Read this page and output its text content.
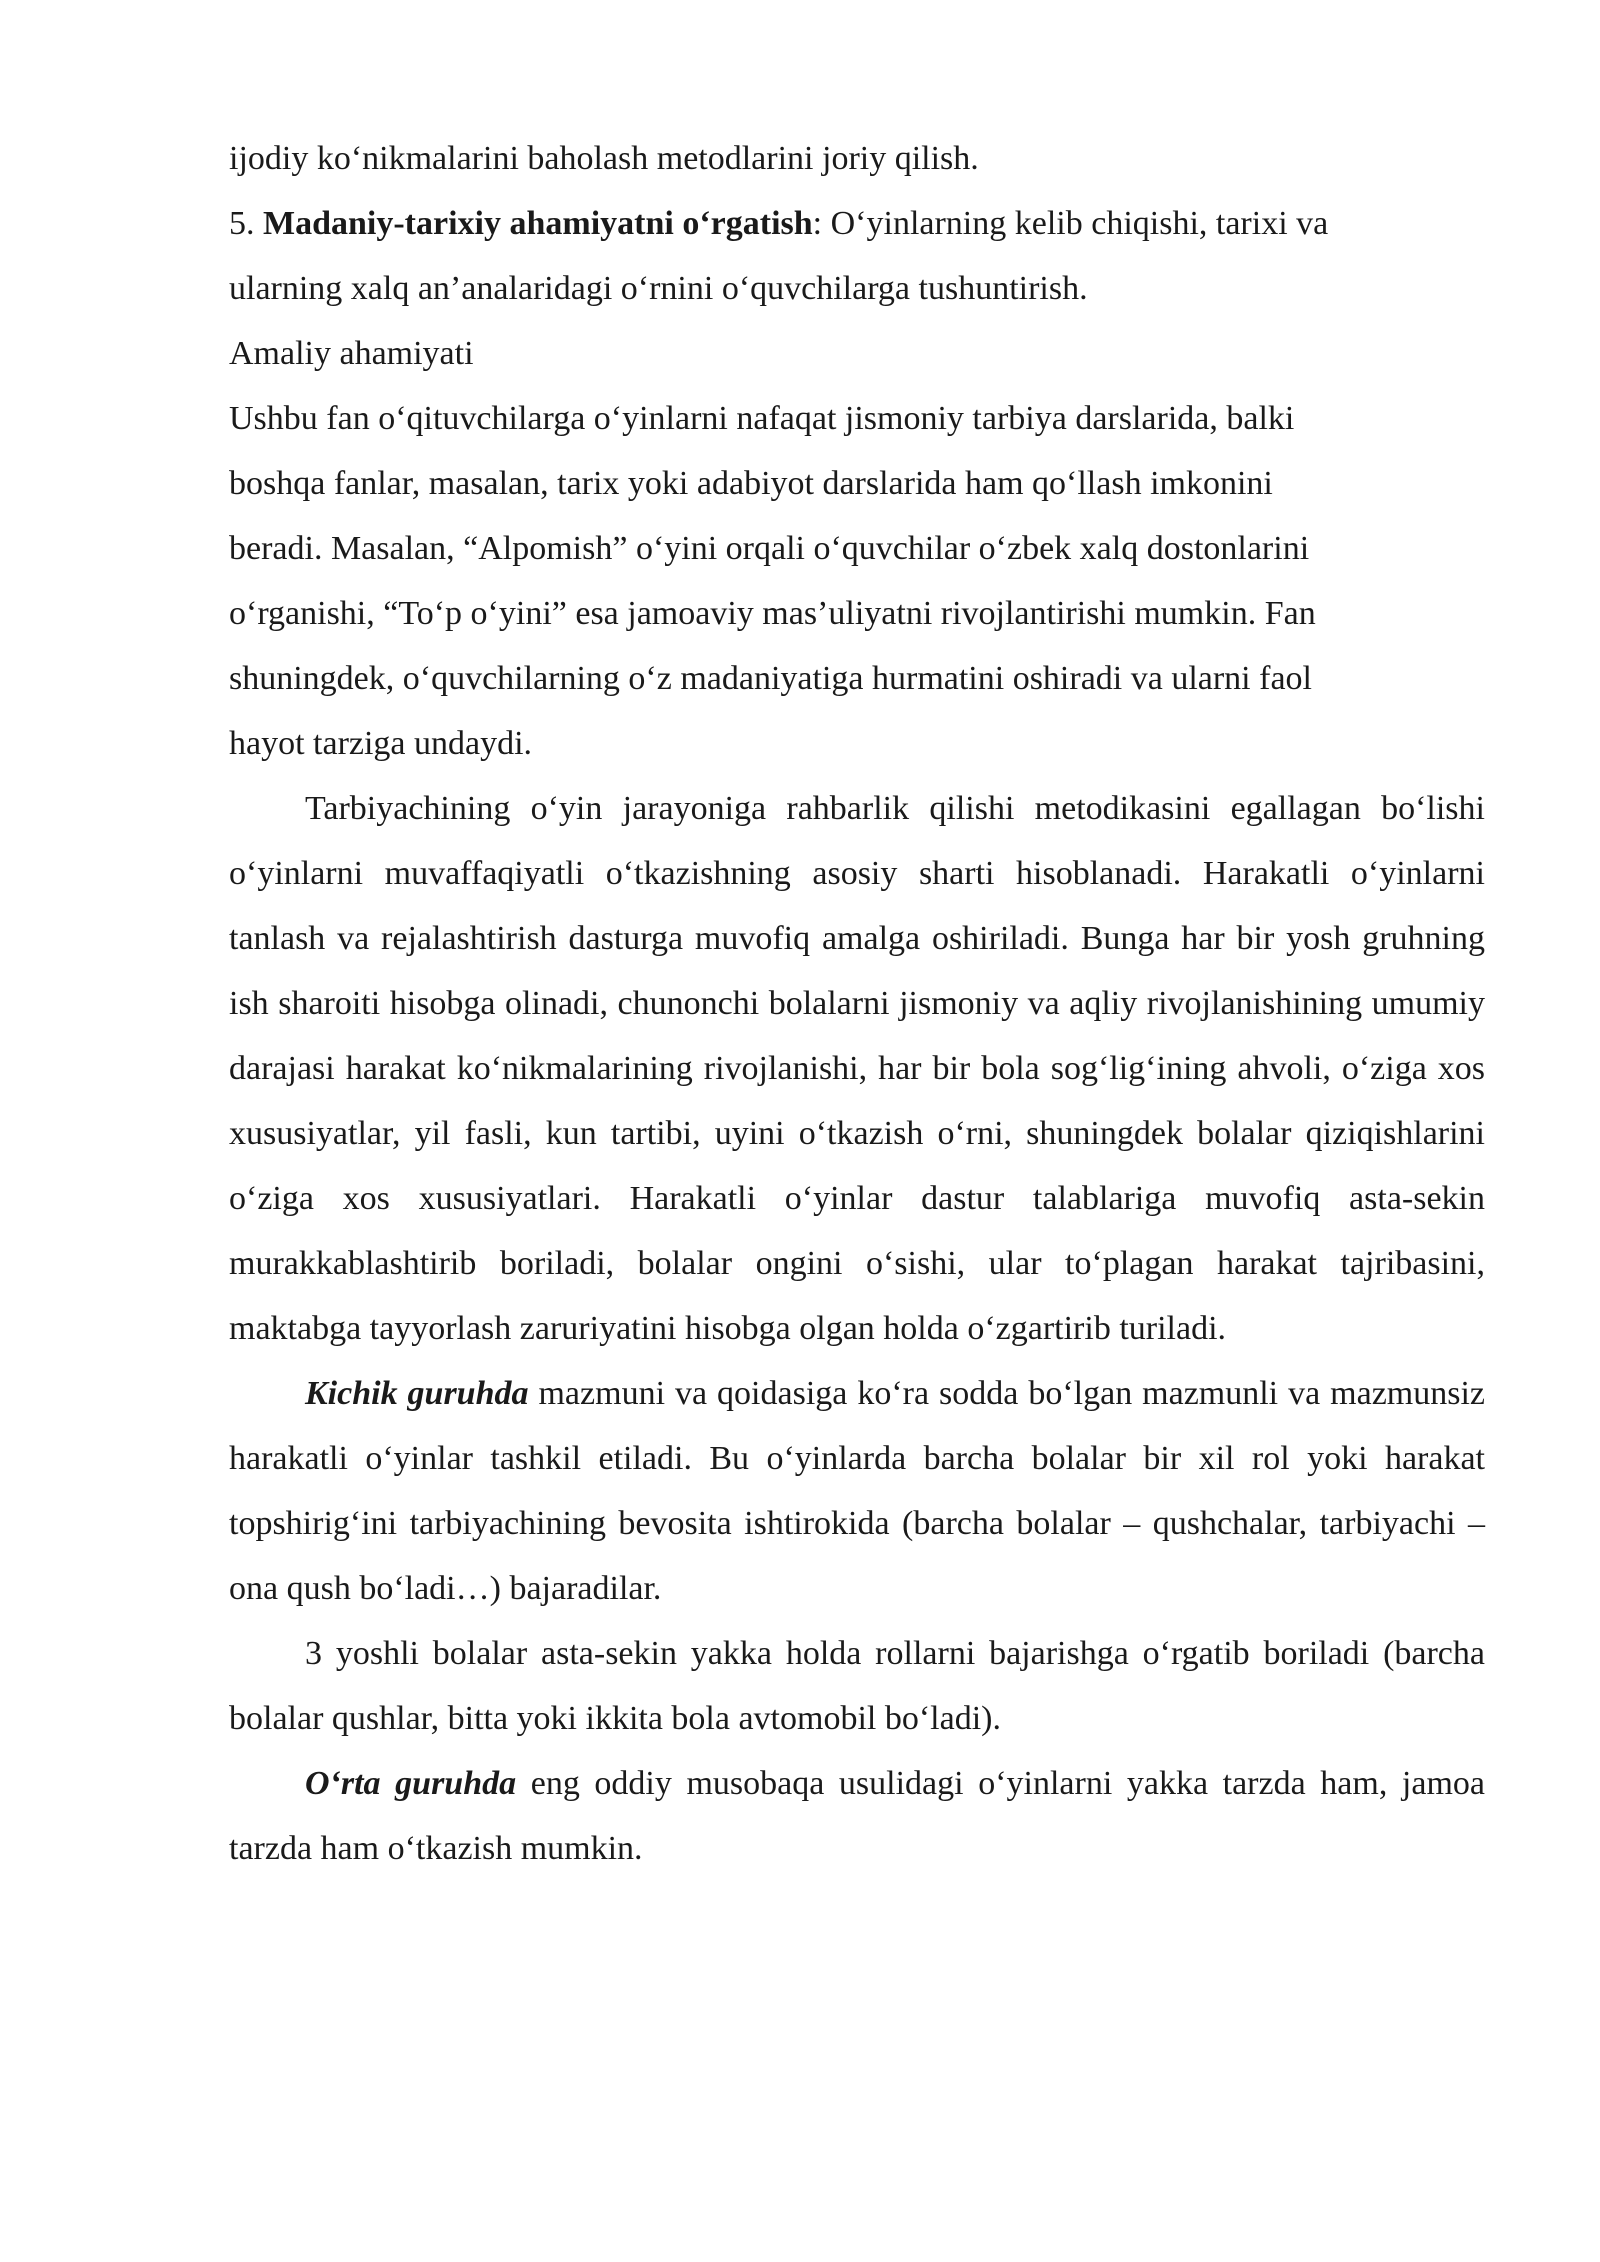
ijodiy ko‘nikmalarini baholash metodlarini joriy qilish.
5. Madaniy-tarixiy ahamiyatni o‘rgatish: O‘yinlarning kelib chiqishi, tarixi va
ularning xalq an’analaridagi o‘rnini o‘quvchilarga tushuntirish.
Amaliy ahamiyati
Ushbu fan o‘qituvchilarga o‘yinlarni nafaqat jismoniy tarbiya darslarida, balki
boshqa fanlar, masalan, tarix yoki adabiyot darslarida ham qo‘llash imkonini
beradi. Masalan, “Alpomish” o‘yini orqali o‘quvchilar o‘zbek xalq dostonlarini
o‘rganishi, “To‘p o‘yini” esa jamoaviy mas’uliyatni rivojlantirishi mumkin. Fan
shuningdek, o‘quvchilarning o‘z madaniyatiga hurmatini oshiradi va ularni faol
hayot tarziga undaydi.

Tarbiyachining o‘yin jarayoniga rahbarlik qilishi metodikasini egallagan bo‘lishi o‘yinlarni muvaffaqiyatli o‘tkazishning asosiy sharti hisoblanadi. Harakatli o‘yinlarni tanlash va rejalashtirish dasturga muvofiq amalga oshiriladi. Bunga har bir yosh gruhning ish sharoiti hisobga olinadi, chunonchi bolalarni jismoniy va aqliy rivojlanishining umumiy darajasi harakat ko‘nikmalarining rivojlanishi, har bir bola sog‘lig‘ining ahvoli, o‘ziga xos xususiyatlar, yil fasli, kun tartibi, uyini o‘tkazish o‘rni, shuningdek bolalar qiziqishlarini o‘ziga xos xususiyatlari. Harakatli o‘yinlar dastur talablariga muvofiq asta-sekin murakkablashtirib boriladi, bolalar ongini o‘sishi, ular to‘plagan harakat tajribasini, maktabga tayyorlash zaruriyatini hisobga olgan holda o‘zgartirib turiladi.

Kichik guruhda mazmuni va qoidasiga ko‘ra sodda bo‘lgan mazmunli va mazmunsiz harakatli o‘yinlar tashkil etiladi. Bu o‘yinlarda barcha bolalar bir xil rol yoki harakat topshirig‘ini tarbiyachining bevosita ishtirokida (barcha bolalar – qushchalar, tarbiyachi – ona qush bo‘ladi…) bajaradilar.

3 yoshli bolalar asta-sekin yakka holda rollarni bajarishga o‘rgatib boriladi (barcha bolalar qushlar, bitta yoki ikkita bola avtomobil bo‘ladi).

O‘rta guruhda eng oddiy musobaqa usulidagi o‘yinlarni yakka tarzda ham, jamoa tarzda ham o‘tkazish mumkin.
